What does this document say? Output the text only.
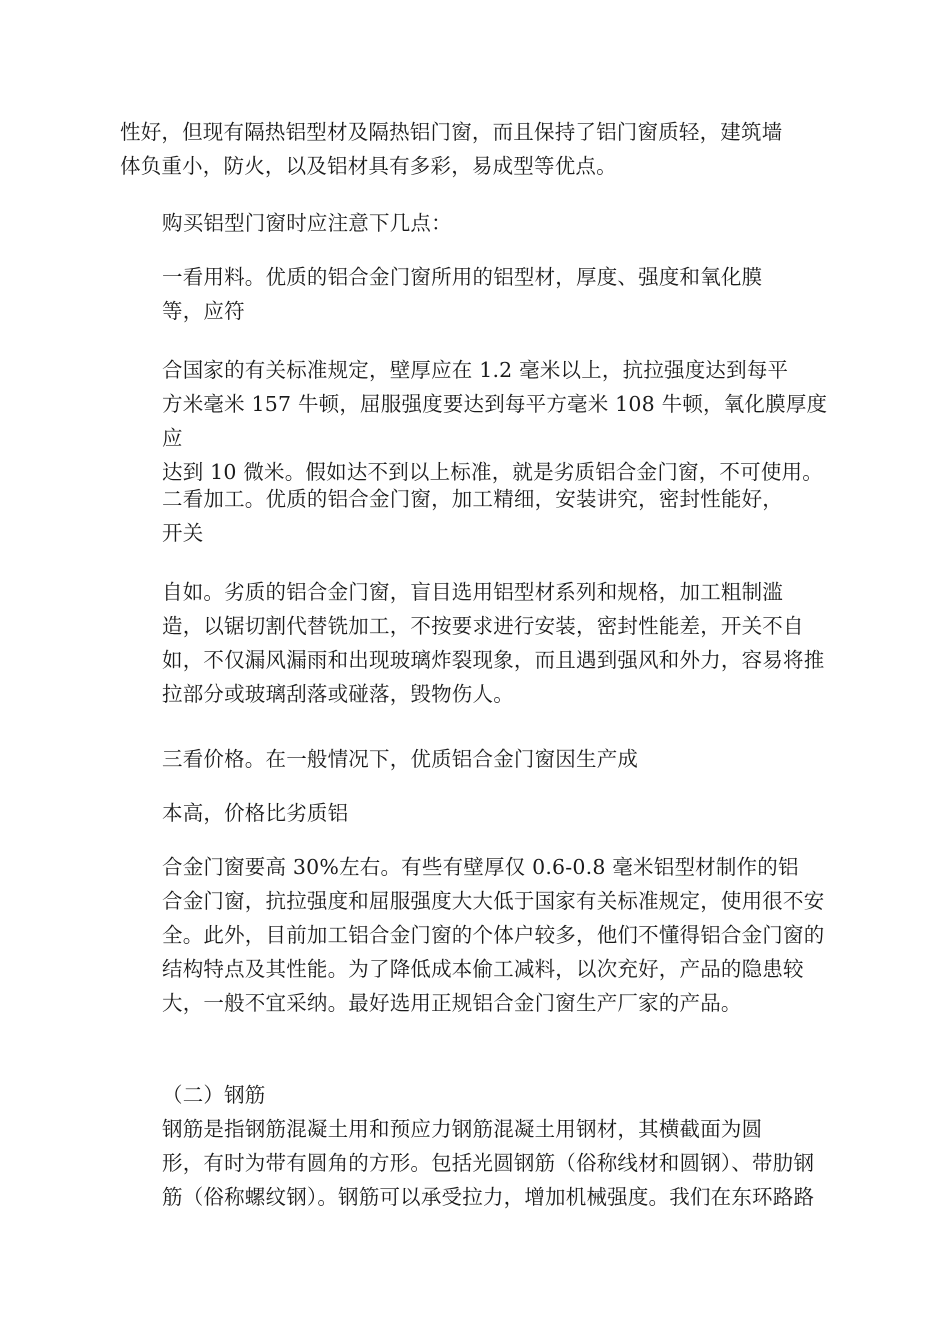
性好，但现有隔热铝型材及隔热铝门窗，而且保持了铝门窗质轻，建筑墙
体负重小，防火，以及铝材具有多彩，易成型等优点。

购买铝型门窗时应注意下几点：

一看用料。优质的铝合金门窗所用的铝型材，厚度、强度和氧化膜
等，应符

合国家的有关标准规定，壁厚应在 1.2 毫米以上，抗拉强度达到每平
方米毫米 157 牛顿，屈服强度要达到每平方毫米 108 牛顿，氧化膜厚度应
达到 10 微米。假如达不到以上标准，就是劣质铝合金门窗，不可使用。

二看加工。优质的铝合金门窗，加工精细，安装讲究，密封性能好，
开关

自如。劣质的铝合金门窗，盲目选用铝型材系列和规格，加工粗制滥
造，以锯切割代替铣加工，不按要求进行安装，密封性能差，开关不自
如，不仅漏风漏雨和出现玻璃炸裂现象，而且遇到强风和外力，容易将推
拉部分或玻璃刮落或碰落，毁物伤人。

三看价格。在一般情况下，优质铝合金门窗因生产成

本高，价格比劣质铝

合金门窗要高 30%左右。有些有壁厚仅 0.6-0.8 毫米铝型材制作的铝
合金门窗，抗拉强度和屈服强度大大低于国家有关标准规定，使用很不安
全。此外，目前加工铝合金门窗的个体户较多，他们不懂得铝合金门窗的
结构特点及其性能。为了降低成本偷工减料，以次充好，产品的隐患较
大，一般不宜采纳。最好选用正规铝合金门窗生产厂家的产品。

（二）钢筋

钢筋是指钢筋混凝土用和预应力钢筋混凝土用钢材，其横截面为圆
形，有时为带有圆角的方形。包括光圆钢筋（俗称线材和圆钢）、带肋钢
筋（俗称螺纹钢）。钢筋可以承受拉力，增加机械强度。我们在东环路路
